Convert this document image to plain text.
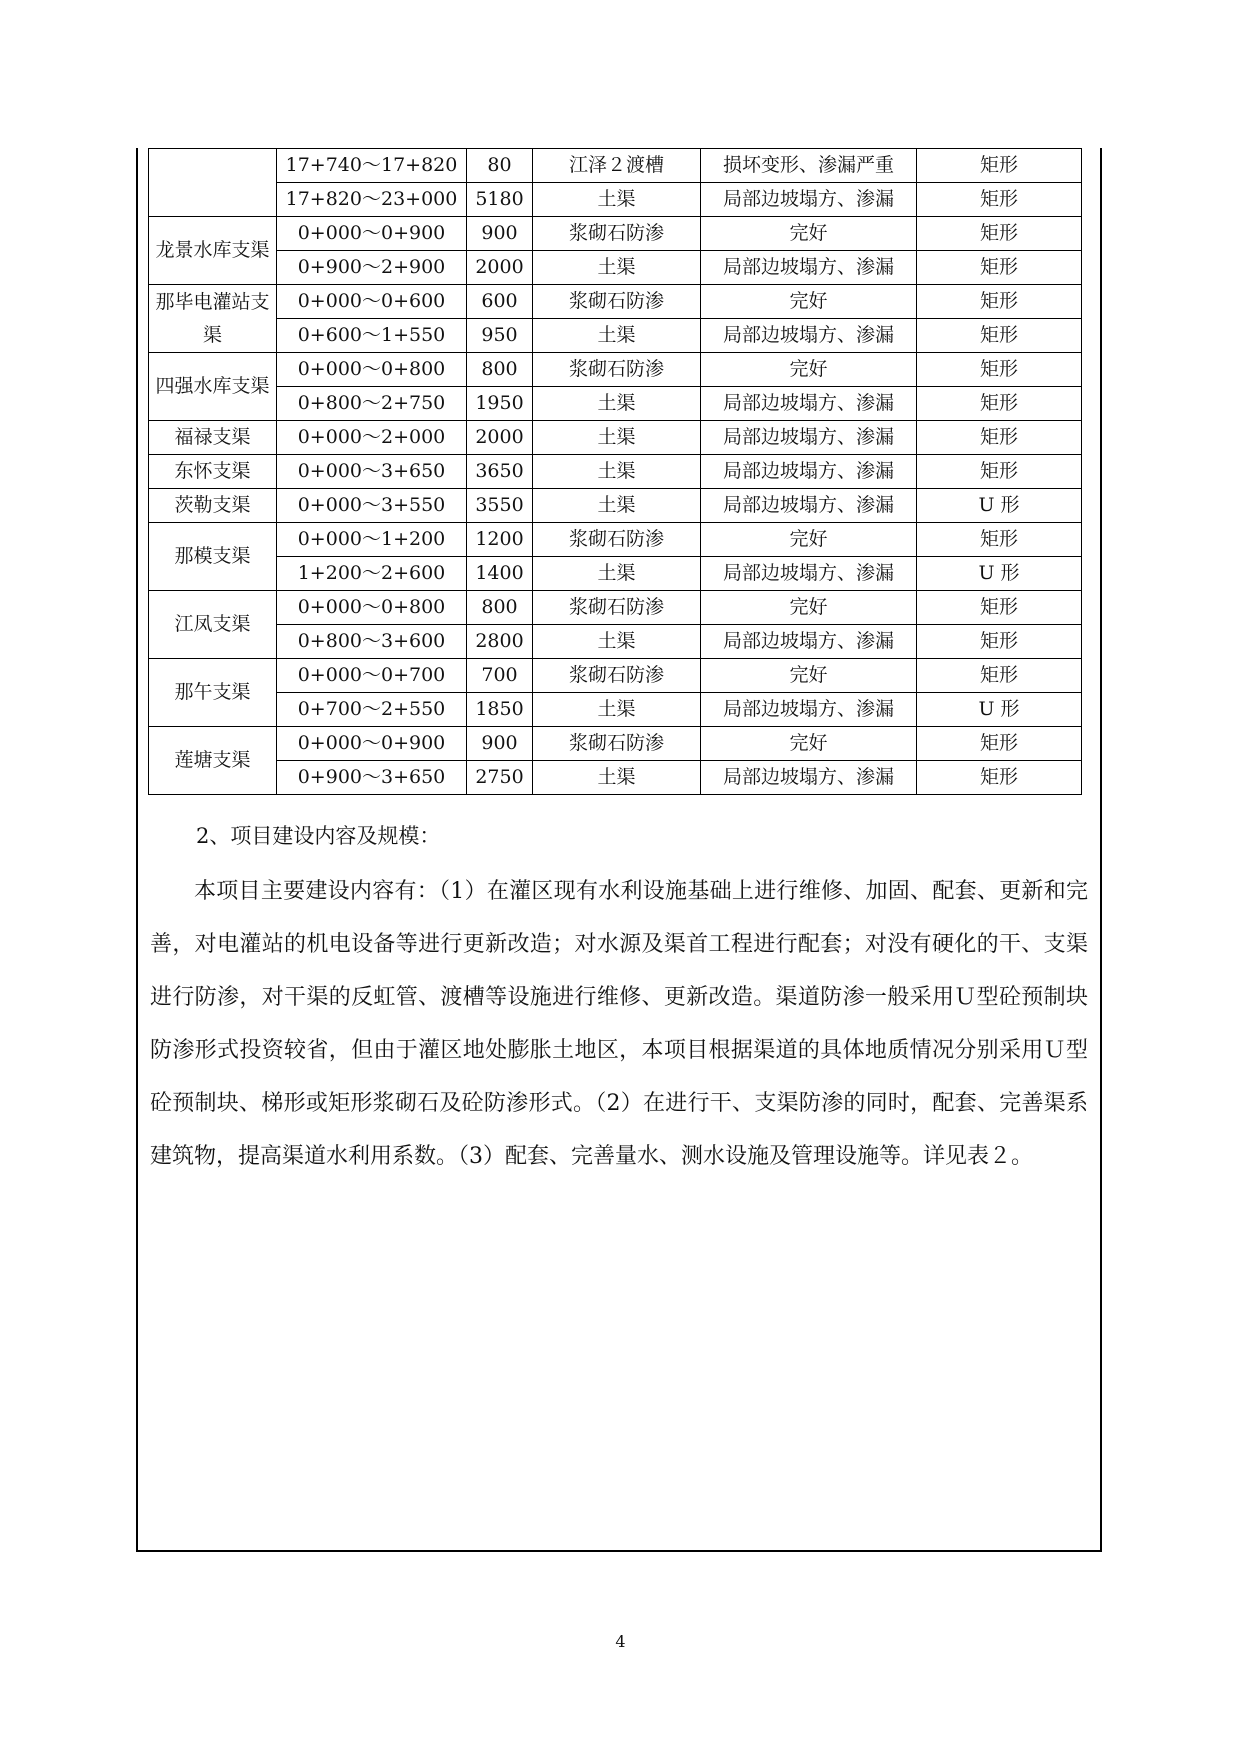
	17+740～17+820	80	江泽２渡槽	损坏变形、渗漏严重	矩形
	17+820～23+000	5180	土渠	局部边坡塌方、渗漏	矩形
龙景水库支渠	0+000～0+900	900	浆砌石防渗	完好	矩形
	0+900～2+900	2000	土渠	局部边坡塌方、渗漏	矩形
那毕电灌站支渠	0+000～0+600	600	浆砌石防渗	完好	矩形
	0+600～1+550	950	土渠	局部边坡塌方、渗漏	矩形
四强水库支渠	0+000～0+800	800	浆砌石防渗	完好	矩形
	0+800～2+750	1950	土渠	局部边坡塌方、渗漏	矩形
福禄支渠	0+000～2+000	2000	土渠	局部边坡塌方、渗漏	矩形
东怀支渠	0+000～3+650	3650	土渠	局部边坡塌方、渗漏	矩形
茨勒支渠	0+000～3+550	3550	土渠	局部边坡塌方、渗漏	U 形
那模支渠	0+000～1+200	1200	浆砌石防渗	完好	矩形
	1+200～2+600	1400	土渠	局部边坡塌方、渗漏	U 形
江凤支渠	0+000～0+800	800	浆砌石防渗	完好	矩形
	0+800～3+600	2800	土渠	局部边坡塌方、渗漏	矩形
那午支渠	0+000～0+700	700	浆砌石防渗	完好	矩形
	0+700～2+550	1850	土渠	局部边坡塌方、渗漏	U 形
莲塘支渠	0+000～0+900	900	浆砌石防渗	完好	矩形
	0+900～3+650	2750	土渠	局部边坡塌方、渗漏	矩形
2、项目建设内容及规模：

本项目主要建设内容有：（1）在灌区现有水利设施基础上进行维修、加固、配套、更新和完善，对电灌站的机电设备等进行更新改造；对水源及渠首工程进行配套；对没有硬化的干、支渠进行防渗，对干渠的反虹管、渡槽等设施进行维修、更新改造。渠道防渗一般采用Ｕ型砼预制块防渗形式投资较省，但由于灌区地处膨胀土地区，本项目根据渠道的具体地质情况分别采用Ｕ型砼预制块、梯形或矩形浆砌石及砼防渗形式。（2）在进行干、支渠防渗的同时，配套、完善渠系建筑物，提高渠道水利用系数。（3）配套、完善量水、测水设施及管理设施等。详见表２。

4
